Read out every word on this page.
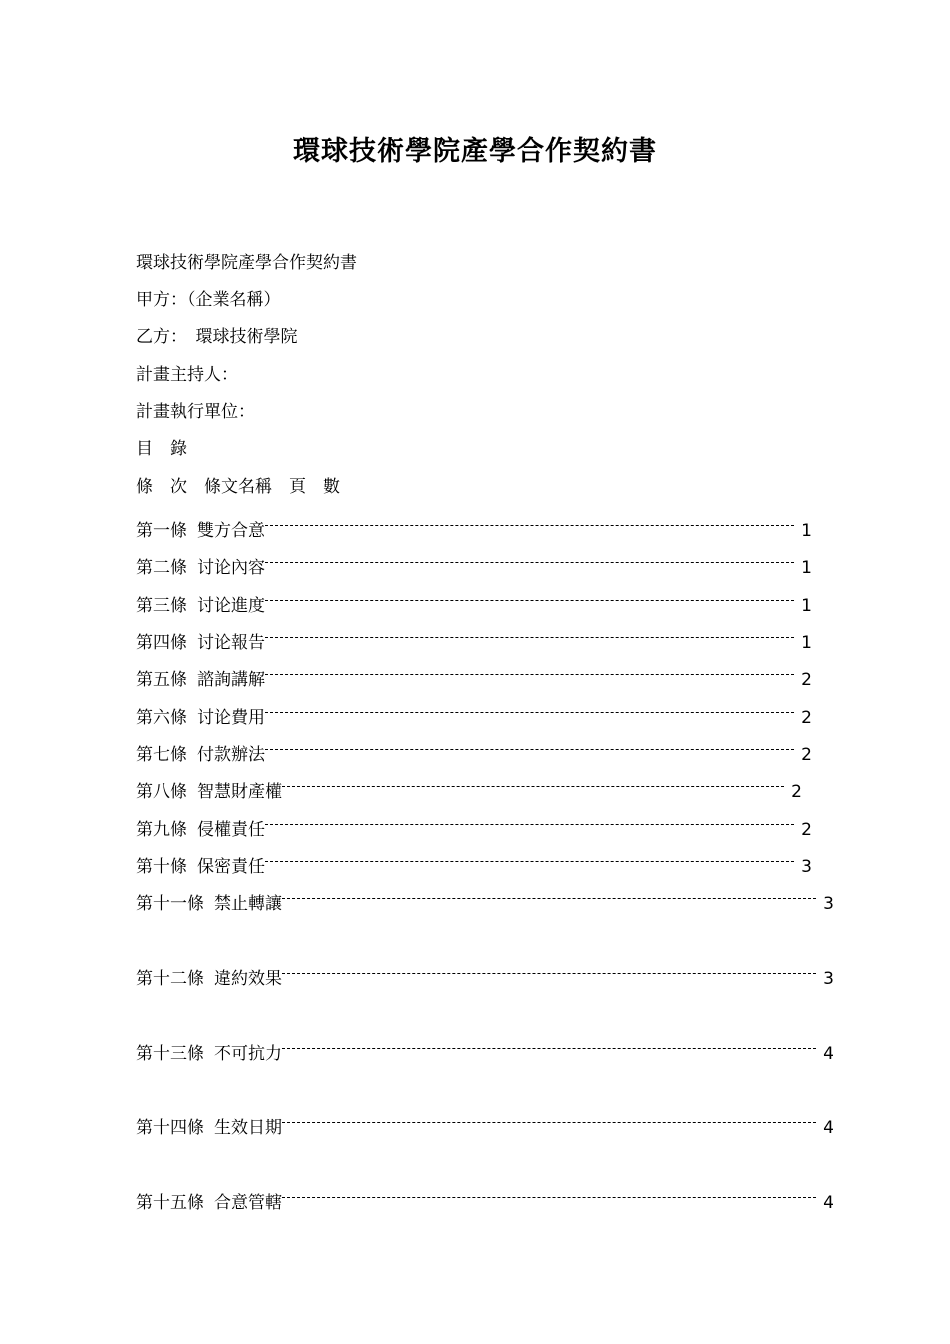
環球技術學院產學合作契約書
環球技術學院產學合作契約書
甲方：（企業名稱）
乙方：　環球技術學院
計畫主持人：
計畫執行單位：
目　錄
條　次　條文名稱　頁　數
第一條 雙方合意	1
第二條 讨论內容	1
第三條 讨论進度	1
第四條 讨论報告	1
第五條 諮詢講解	2
第六條 讨论費用	2
第七條 付款辦法	2
第八條 智慧財產權	2
第九條 侵權責任	2
第十條 保密責任	3
第十一條 禁止轉讓	3
第十二條 違約效果	3
第十三條 不可抗力	4
第十四條 生效日期	4
第十五條 合意管轄	4
